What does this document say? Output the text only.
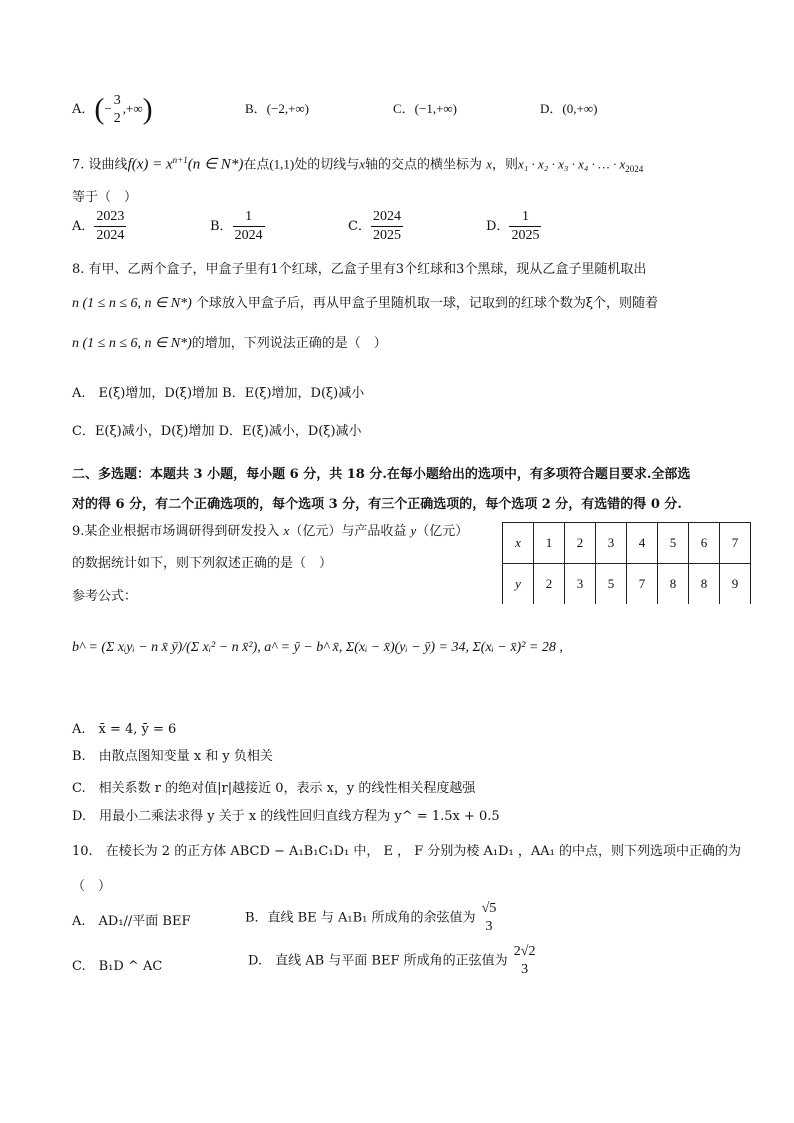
A．(−
3
2
,+∞)	B．(−2,+∞)	C．(−1,+∞)	D．(0,+∞)
7. 设曲线$f(x) = x^{n+1}(n$ ∈ N*)在点(1,1)处的切线与x轴的交点的横坐标为 x，则x₁ · x₂ · x₃ · x₄ · … · $x_{2024}$
等于（　）
A． $\frac{2023}{2024}$	B． $\frac{1}{2024}$	C． $\frac{2024}{2025}$	D． $\frac{1}{2025}$
8. 有甲、乙两个盒子，甲盒子里有1个红球，乙盒子里有3个红球和3个黑球，现从乙盒子里随机取出
n (1 ≤ n ≤ 6, n ∈ N*) 个球放入甲盒子后，再从甲盒子里随机取一球，记取到的红球个数为ξ个，则随着
n (1 ≤ n ≤ 6, n ∈ N*)的增加，下列说法正确的是（　）
A.　E(ξ)增加，D(ξ)增加 B．E(ξ)增加，D(ξ)减小
C．E(ξ)减小，D(ξ)增加 D．E(ξ)减小，D(ξ)减小
二、多选题：本题共 3 小题，每小题 6 分，共 18 分.在每小题给出的选项中，有多项符合题目要求.全部选
对的得 6 分，有二个正确选项的，每个选项 3 分，有三个正确选项的，每个选项 2 分，有选错的得 0 分.
9.某企业根据市场调研得到研发投入 x（亿元）与产品收益 y（亿元）
的数据统计如下，则下列叙述正确的是（　）
参考公式：
x	1	2	3	4	5	6	7
y	2	3	5	7	8	8	9
b^ = (Σ xᵢyᵢ − n x̄ ȳ)/(Σ xᵢ² − n x̄²), a^ = ȳ − b^ x̄, Σ(xᵢ − x̄)(yᵢ − ȳ) = 34, Σ(xᵢ − x̄)² = 28 ,
A.　x̄ = 4, ȳ = 6
B.　由散点图知变量 x 和 y 负相关
C.　相关系数 r 的绝对值|r|越接近 0，表示 x，y 的线性相关程度越强
D.　用最小二乘法求得 y 关于 x 的线性回归直线方程为 y^ = 1.5x + 0.5
10.　在棱长为 2 的正方体 ABCD − A₁B₁C₁D₁ 中， E ， F 分别为棱 A₁D₁ ，AA₁ 的中点，则下列选项中正确的为
（　）
A.　AD₁//平面 BEF	B．直线 BE 与 A₁B₁ 所成角的余弦值为
√5
3
C.　B₁D ^ AC	D.　直线 AB 与平面 BEF 所成角的正弦值为
2√2
3
